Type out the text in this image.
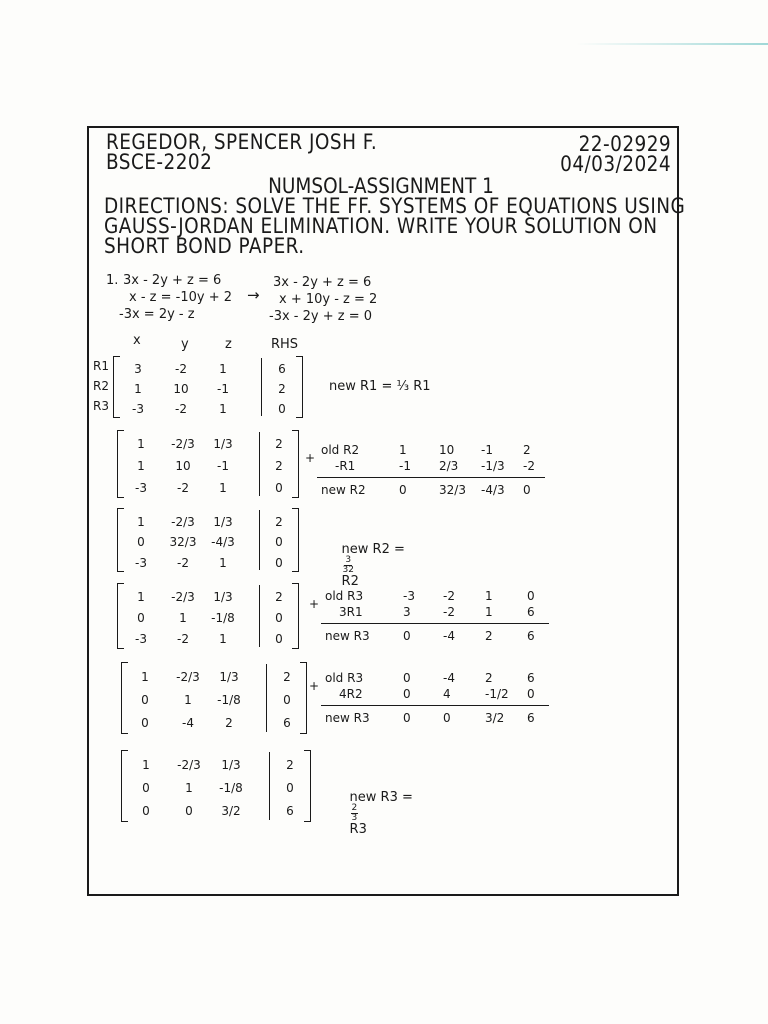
REGEDOR, SPENCER JOSH F.
BSCE-2202
22-02929
04/03/2024
NUMSOL-ASSIGNMENT 1
DIRECTIONS: SOLVE THE FF. SYSTEMS OF EQUATIONS USING
GAUSS-JORDAN ELIMINATION. WRITE YOUR SOLUTION ON
SHORT BOND PAPER.
1. 3x - 2y + z = 6
x - z = -10y + 2
-3x = 2y - z
→
3x - 2y + z = 6
x + 10y - z = 2
-3x - 2y + z = 0
x	y	z	RHS
R1
R2
R3
3	-2	1	6
1	10 -1	2
-3	-2	1	0
1 -2/3 1/3	2
1	10 -1	2
-3	-2	1	0
1 -2/3 1/3	2
0 32/3 -4/3	0
-3	-2	1	0
1 -2/3 1/3	2
0	1 -1/8	0
-3	-2	1	0
1 -2/3 1/3	2
0	1 -1/8	0
0	-4	2	6
1 -2/3 1/3	2
0	1 -1/8	0
0	0 3/2	6
new R1 = ⅓ R1

new R2 =

$\frac{3}{32}$

R2

new R3 =

$\frac{2}{3}$

R3

+
old R2	1	10 -1	2
-R1	-1 2/3 -1/3 -2
new R2	0	32/3 -4/3 0
+
old R3	-3 -2	1	0
3R1	3	-2	1	6
new R3	0	-4	2	6
+
old R3	0	-4	2	6
4R2	0	4	-1/2 0
new R3	0	0	3/2 6
